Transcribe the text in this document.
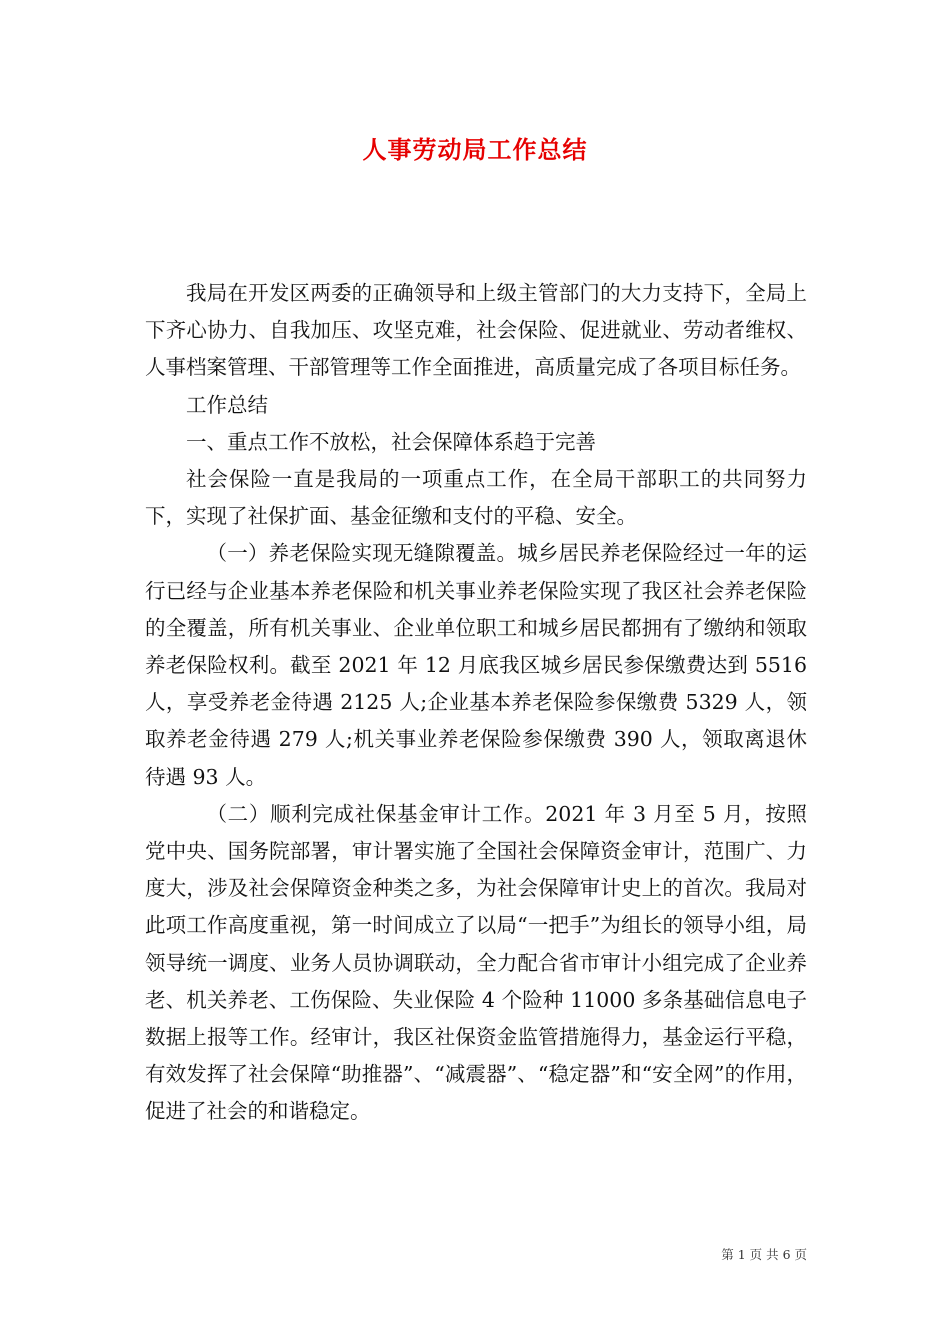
人事劳动局工作总结

我局在开发区两委的正确领导和上级主管部门的大力支持下，全局上下齐心协力、自我加压、攻坚克难，社会保险、促进就业、劳动者维权、人事档案管理、干部管理等工作全面推进，高质量完成了各项目标任务。

工作总结

一、重点工作不放松，社会保障体系趋于完善

社会保险一直是我局的一项重点工作，在全局干部职工的共同努力下，实现了社保扩面、基金征缴和支付的平稳、安全。

（一）养老保险实现无缝隙覆盖。城乡居民养老保险经过一年的运行已经与企业基本养老保险和机关事业养老保险实现了我区社会养老保险的全覆盖，所有机关事业、企业单位职工和城乡居民都拥有了缴纳和领取养老保险权利。截至 2021 年 12 月底我区城乡居民参保缴费达到 5516 人，享受养老金待遇 2125 人;企业基本养老保险参保缴费 5329 人，领取养老金待遇 279 人;机关事业养老保险参保缴费 390 人，领取离退休待遇 93 人。

（二）顺利完成社保基金审计工作。2021 年 3 月至 5 月，按照党中央、国务院部署，审计署实施了全国社会保障资金审计，范围广、力度大，涉及社会保障资金种类之多，为社会保障审计史上的首次。我局对此项工作高度重视，第一时间成立了以局“一把手”为组长的领导小组，局领导统一调度、业务人员协调联动，全力配合省市审计小组完成了企业养老、机关养老、工伤保险、失业保险 4 个险种 11000 多条基础信息电子数据上报等工作。经审计，我区社保资金监管措施得力，基金运行平稳，有效发挥了社会保障“助推器”、“减震器”、“稳定器”和“安全网”的作用，促进了社会的和谐稳定。

第 1 页 共 6 页
